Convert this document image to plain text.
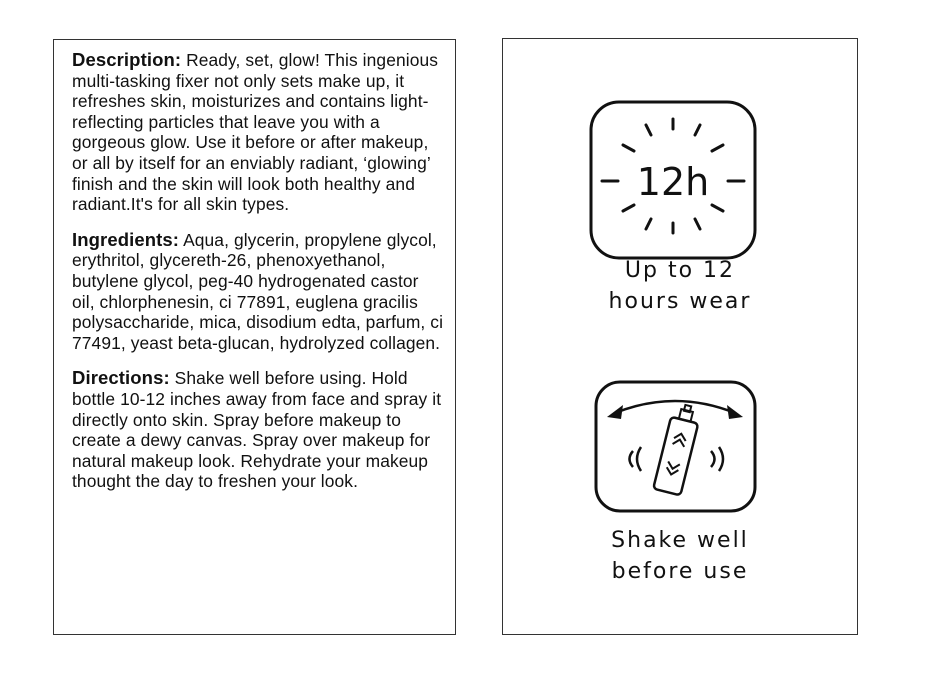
Description: Ready, set, glow! This ingenious multi-tasking fixer not only sets make up, it refreshes skin, moisturizes and contains light-reflecting particles that leave you with a gorgeous glow. Use it before or after makeup, or all by itself for an enviably radiant, ‘glowing’ finish and the skin will look both healthy and radiant.It's for all skin types.

Ingredients: Aqua, glycerin, propylene glycol, erythritol, glycereth-26, phenoxyethanol, butylene glycol, peg-40 hydrogenated castor oil, chlorphenesin, ci 77891, euglena gracilis polysaccharide, mica, disodium edta, parfum, ci 77491, yeast beta-glucan, hydrolyzed collagen.

Directions: Shake well before using. Hold bottle 10-12 inches away from face and spray it directly onto skin. Spray before makeup to create a dewy canvas. Spray over makeup for natural makeup look. Rehydrate your makeup thought the day to freshen your look.

12h
Up to 12
hours wear
Shake well
before use
